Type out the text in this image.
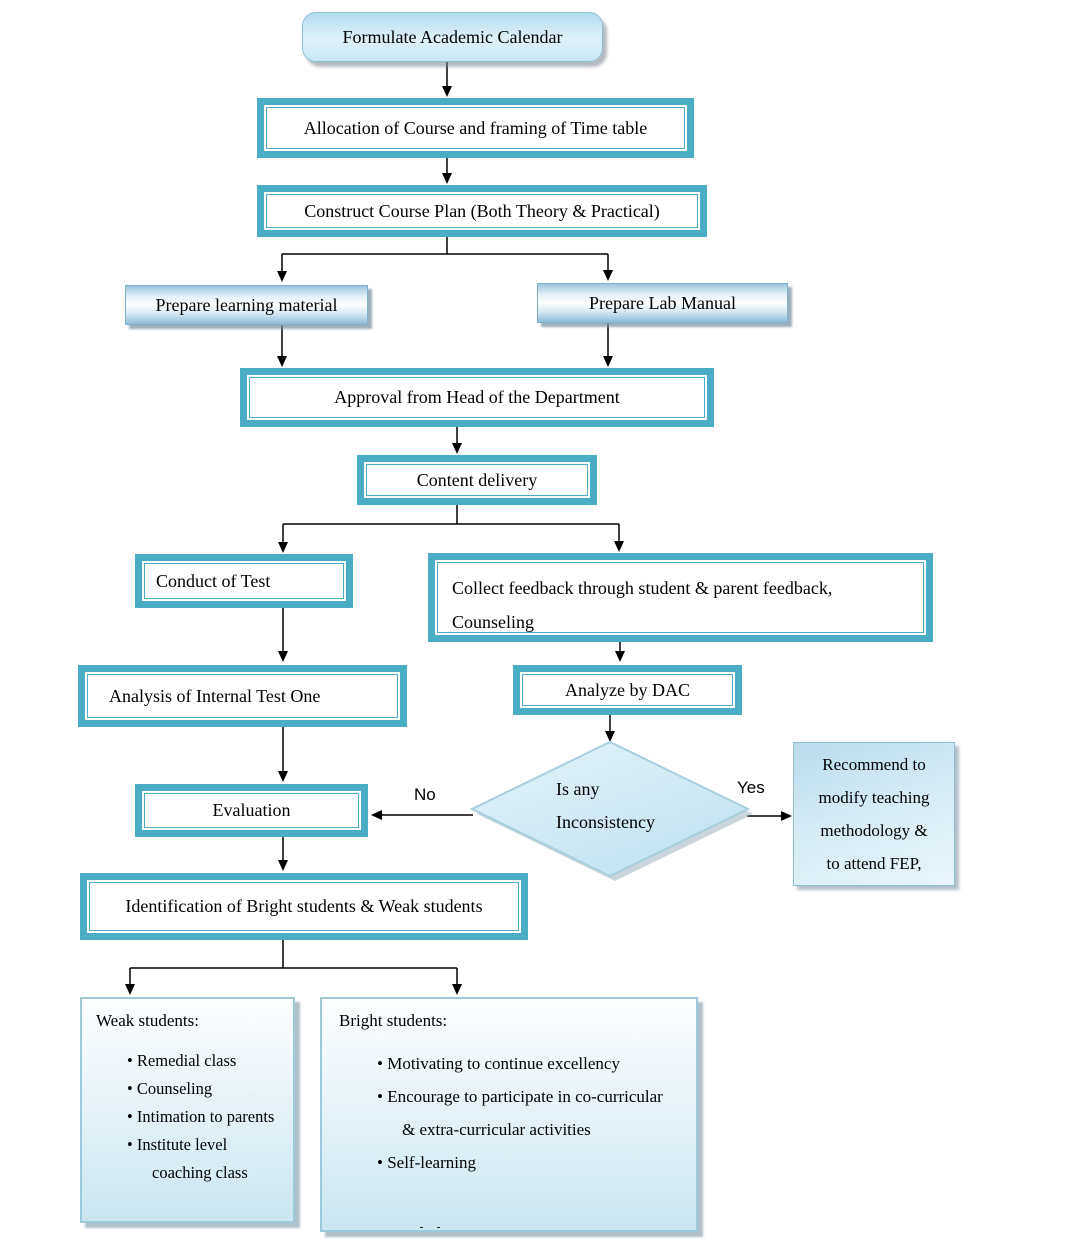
Formulate Academic Calendar
Allocation of Course and framing of Time table
Construct Course Plan (Both Theory & Practical)
Prepare learning material	Prepare Lab Manual
Approval from Head of the Department
Content delivery
Conduct of Test	Collect feedback through student & parent feedback,
Counseling
Analysis of Internal Test One	Analyze by DAC
Is any
Inconsistency
No	Yes
Recommend to
modify teaching
methodology &
to attend FEP,
Evaluation
Identification of Bright students & Weak students
Weak students:
• Remedial class
• Counseling
• Intimation to parents
• Institute level coaching class
Bright students:
• Motivating to continue excellency
• Encourage to participate in co-curricular & extra-curricular activities
• Self-learning
